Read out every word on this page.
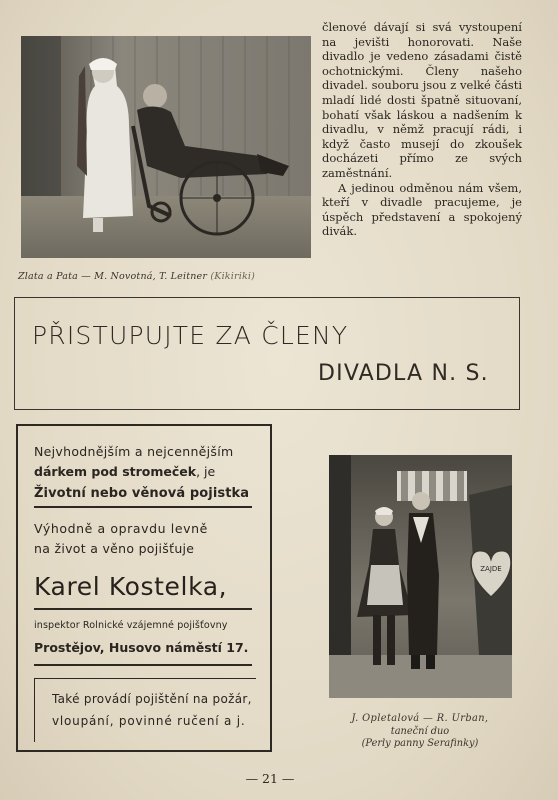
Zlata a Pata — M. Novotná, T. Leitner (Kikiriki)

členové dávají si svá vystoupení na jevišti honorovati. Naše divadlo je vedeno zásadami čistě ochotnickými. Členy našeho divadel. souboru jsou z velké části mladí lidé dosti špatně situovaní, bohatí však láskou a nadšením k divadlu, v němž pracují rádi, i když často musejí do zkoušek docházeti přímo ze svých zaměstnání.

A jedinou odměnou nám všem, kteří v divadle pracujeme, je úspěch představení a spokojený divák.

PŘISTUPUJTE ZA ČLENY
DIVADLA N. S.
Nejvhodnějším a nejcennějším
dárkem pod stromeček, je
Životní nebo věnová pojistka
Výhodně a opravdu levně
na život a věno pojišťuje
Karel Kostelka,
inspektor Rolnické vzájemné pojišťovny
Prostějov, Husovo náměstí 17.
Také provádí pojištění na požár,
vloupání, povinné ručení a j.
ZAJDE
J. Opletalová — R. Urban,
taneční duo
(Perly panny Serafinky)
— 21 —
